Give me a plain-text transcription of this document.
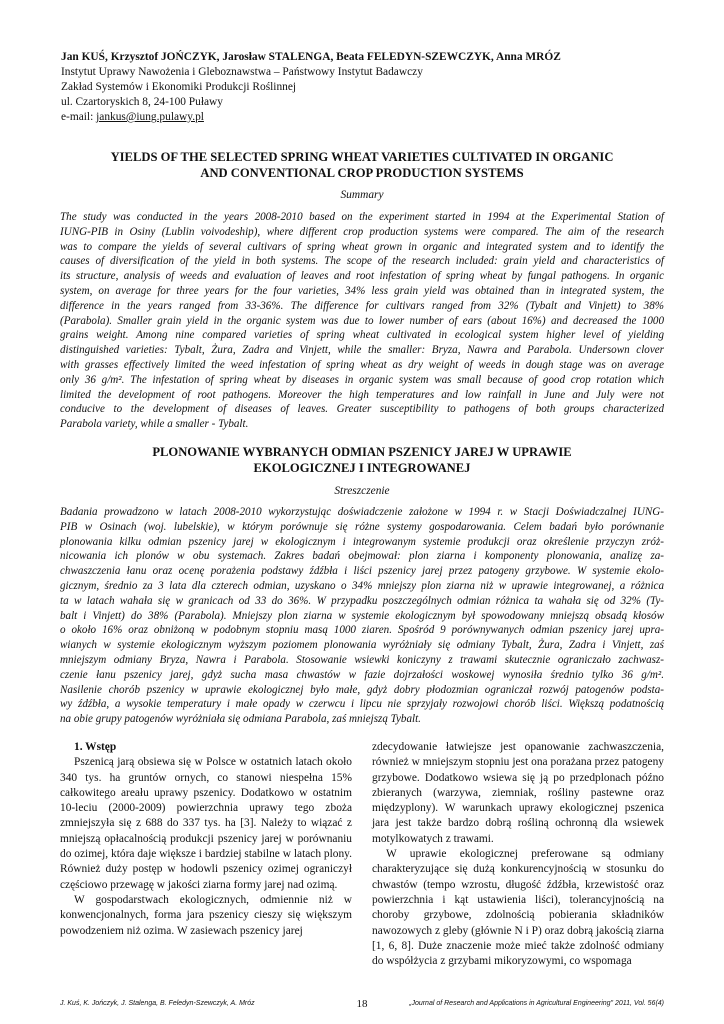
Jan KUŚ, Krzysztof JOŃCZYK, Jarosław STALENGA, Beata FELEDYN-SZEWCZYK, Anna MRÓZ
Instytut Uprawy Nawożenia i Gleboznawstwa – Państwowy Instytut Badawczy
Zakład Systemów i Ekonomiki Produkcji Roślinnej
ul. Czartoryskich 8, 24-100 Puławy
e-mail: jankus@iung.pulawy.pl
YIELDS OF THE SELECTED SPRING WHEAT VARIETIES CULTIVATED IN ORGANIC
AND CONVENTIONAL CROP PRODUCTION SYSTEMS
Summary

The study was conducted in the years 2008-2010 based on the experiment started in 1994 at the Experimental Station of

IUNG-PIB in Osiny (Lublin voivodeship), where different crop production systems were compared. The aim of the research

was to compare the yields of several cultivars of spring wheat grown in organic and integrated system and to identify the

causes of diversification of the yield in both systems. The scope of the research included: grain yield and characteristics of

its structure, analysis of weeds and evaluation of leaves and root infestation of spring wheat by fungal pathogens. In organic

system, on average for three years for the four varieties, 34% less grain yield was obtained than in integrated system, the

difference in the years ranged from 33-36%. The difference for cultivars ranged from 32% (Tybalt and Vinjett) to 38%

(Parabola). Smaller grain yield in the organic system was due to lower number of ears (about 16%) and decreased the 1000

grains weight. Among nine compared varieties of spring wheat cultivated in ecological system higher level of yielding

distinguished varieties: Tybalt, Żura, Zadra and Vinjett, while the smaller: Bryza, Nawra and Parabola. Undersown clover

with grasses effectively limited the weed infestation of spring wheat as dry weight of weeds in dough stage was on average

only 36 g/m². The infestation of spring wheat by diseases in organic system was small because of good crop rotation which

limited the development of root pathogens. Moreover the high temperatures and low rainfall in June and July were not

conducive to the development of diseases of leaves. Greater susceptibility to pathogens of both groups characterized

Parabola variety, while a smaller - Tybalt.

PLONOWANIE WYBRANYCH ODMIAN PSZENICY JAREJ W UPRAWIE
EKOLOGICZNEJ I INTEGROWANEJ
Streszczenie

Badania prowadzono w latach 2008-2010 wykorzystując doświadczenie założone w 1994 r. w Stacji Doświadczalnej IUNG-

PIB w Osinach (woj. lubelskie), w którym porównuje się różne systemy gospodarowania. Celem badań było porównanie

plonowania kilku odmian pszenicy jarej w ekologicznym i integrowanym systemie produkcji oraz określenie przyczyn zróż-

nicowania ich plonów w obu systemach. Zakres badań obejmował: plon ziarna i komponenty plonowania, analizę za-

chwaszczenia łanu oraz ocenę porażenia podstawy źdźbła i liści pszenicy jarej przez patogeny grzybowe. W systemie ekolo-

gicznym, średnio za 3 lata dla czterech odmian, uzyskano o 34% mniejszy plon ziarna niż w uprawie integrowanej, a różnica

ta w latach wahała się w granicach od 33 do 36%. W przypadku poszczególnych odmian różnica ta wahała się od 32% (Ty-

balt i Vinjett) do 38% (Parabola). Mniejszy plon ziarna w systemie ekologicznym był spowodowany mniejszą obsadą kłosów

o około 16% oraz obniżoną w podobnym stopniu masą 1000 ziaren. Spośród 9 porównywanych odmian pszenicy jarej upra-

wianych w systemie ekologicznym wyższym poziomem plonowania wyróżniały się odmiany Tybalt, Żura, Zadra i Vinjett, zaś

mniejszym odmiany Bryza, Nawra i Parabola. Stosowanie wsiewki koniczyny z trawami skutecznie ograniczało zachwasz-

czenie łanu pszenicy jarej, gdyż sucha masa chwastów w fazie dojrzałości woskowej wynosiła średnio tylko 36 g/m².

Nasilenie chorób pszenicy w uprawie ekologicznej było małe, gdyż dobry płodozmian ograniczał rozwój patogenów podsta-

wy źdźbła, a wysokie temperatury i małe opady w czerwcu i lipcu nie sprzyjały rozwojowi chorób liści. Większą podatnością

na obie grupy patogenów wyróżniała się odmiana Parabola, zaś mniejszą Tybalt.

1. Wstęp

Pszenicą jarą obsiewa się w Polsce w ostatnich latach około 340 tys. ha gruntów ornych, co stanowi niespełna 15% całkowitego areału uprawy pszenicy. Dodatkowo w ostatnim 10-leciu (2000-2009) powierzchnia uprawy tego zboża zmniejszyła się z 688 do 337 tys. ha [3]. Należy to wiązać z mniejszą opłacalnością produkcji pszenicy jarej w porównaniu do ozimej, która daje większe i bardziej stabilne w latach plony. Również duży postęp w hodowli pszenicy ozimej ograniczył częściowo przewagę w jakości ziarna formy jarej nad ozimą.

W gospodarstwach ekologicznych, odmiennie niż w konwencjonalnych, forma jara pszenicy cieszy się większym powodzeniem niż ozima. W zasiewach pszenicy jarej

zdecydowanie łatwiejsze jest opanowanie zachwaszczenia, również w mniejszym stopniu jest ona porażana przez patogeny grzybowe. Dodatkowo wsiewa się ją po przedplonach późno zbieranych (warzywa, ziemniak, rośliny pastewne oraz międzyplony). W warunkach uprawy ekologicznej pszenica jara jest także bardzo dobrą rośliną ochronną dla wsiewek motylkowatych z trawami.

W uprawie ekologicznej preferowane są odmiany charakteryzujące się dużą konkurencyjnością w stosunku do chwastów (tempo wzrostu, długość źdźbła, krzewistość oraz powierzchnia i kąt ustawienia liści), tolerancyjnością na choroby grzybowe, zdolnością pobierania składników nawozowych z gleby (głównie N i P) oraz dobrą jakością ziarna [1, 6, 8]. Duże znaczenie może mieć także zdolność odmiany do współżycia z grzybami mikoryzowymi, co wspomaga

J. Kuś, K. Jończyk, J. Stalenga, B. Feledyn-Szewczyk, A. Mróz	18	„Journal of Research and Applications in Agricultural Engineering" 2011, Vol. 56(4)
